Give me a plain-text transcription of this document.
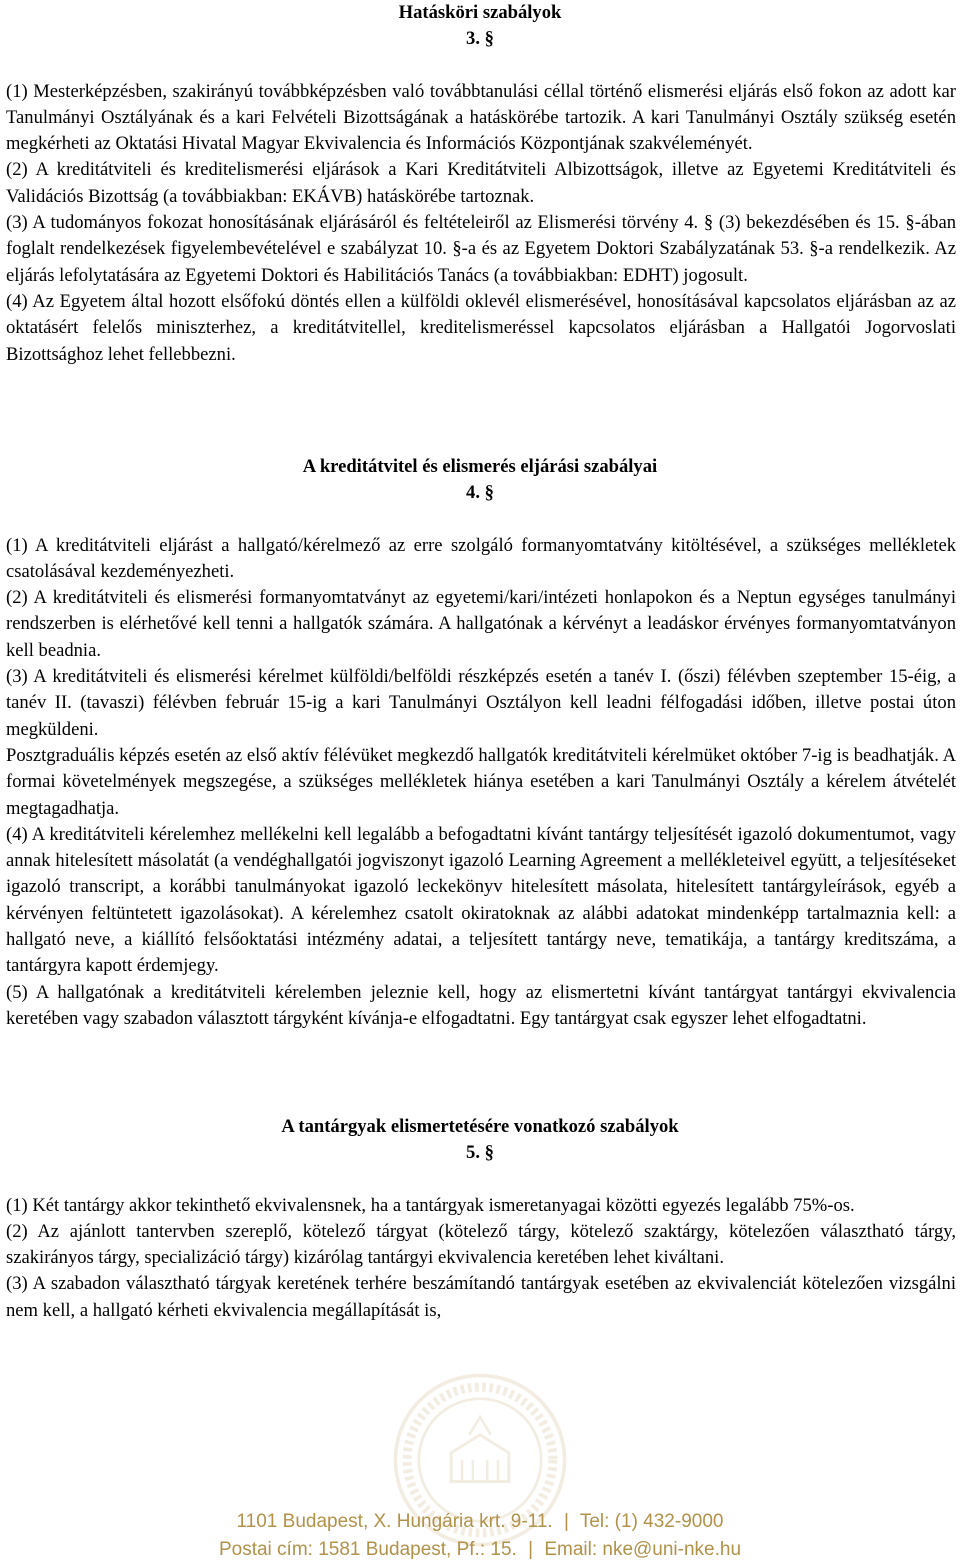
Hatásköri szabályok

3. §

(1) Mesterképzésben, szakirányú továbbképzésben való továbbtanulási céllal történő elismerési eljárás első fokon az adott kar Tanulmányi Osztályának és a kari Felvételi Bizottságának a hatáskörébe tartozik. A kari Tanulmányi Osztály szükség esetén megkérheti az Oktatási Hivatal Magyar Ekvivalencia és Információs Központjának szakvéleményét.

(2) A kreditátviteli és kreditelismerési eljárások a Kari Kreditátviteli Albizottságok, illetve az Egyetemi Kreditátviteli és Validációs Bizottság (a továbbiakban: EKÁVB) hatáskörébe tartoznak.

(3) A tudományos fokozat honosításának eljárásáról és feltételeiről az Elismerési törvény 4. § (3) bekezdésében és 15. §-ában foglalt rendelkezések figyelembevételével e szabályzat 10. §-a és az Egyetem Doktori Szabályzatának 53. §-a rendelkezik. Az eljárás lefolytatására az Egyetemi Doktori és Habilitációs Tanács (a továbbiakban: EDHT) jogosult.

(4) Az Egyetem által hozott elsőfokú döntés ellen a külföldi oklevél elismerésével, honosításával kapcsolatos eljárásban az az oktatásért felelős miniszterhez, a kreditátvitellel, kreditelismeréssel kapcsolatos eljárásban a Hallgatói Jogorvoslati Bizottsághoz lehet fellebbezni.

A kreditátvitel és elismerés eljárási szabályai

4. §

(1) A kreditátviteli eljárást a hallgató/kérelmező az erre szolgáló formanyomtatvány kitöltésével, a szükséges mellékletek csatolásával kezdeményezheti.

(2) A kreditátviteli és elismerési formanyomtatványt az egyetemi/kari/intézeti honlapokon és a Neptun egységes tanulmányi rendszerben is elérhetővé kell tenni a hallgatók számára. A hallgatónak a kérvényt a leadáskor érvényes formanyomtatványon kell beadnia.

(3) A kreditátviteli és elismerési kérelmet külföldi/belföldi részképzés esetén a tanév I. (őszi) félévben szeptember 15-éig, a tanév II. (tavaszi) félévben február 15-ig a kari Tanulmányi Osztályon kell leadni félfogadási időben, illetve postai úton megküldeni.

Posztgraduális képzés esetén az első aktív félévüket megkezdő hallgatók kreditátviteli kérelmüket október 7-ig is beadhatják. A formai követelmények megszegése, a szükséges mellékletek hiánya esetében a kari Tanulmányi Osztály a kérelem átvételét megtagadhatja.

(4) A kreditátviteli kérelemhez mellékelni kell legalább a befogadtatni kívánt tantárgy teljesítését igazoló dokumentumot, vagy annak hitelesített másolatát (a vendéghallgatói jogviszonyt igazoló Learning Agreement a mellékleteivel együtt, a teljesítéseket igazoló transcript, a korábbi tanulmányokat igazoló leckekönyv hitelesített másolata, hitelesített tantárgyleírások, egyéb a kérvényen feltüntetett igazolásokat). A kérelemhez csatolt okiratoknak az alábbi adatokat mindenképp tartalmaznia kell: a hallgató neve, a kiállító felsőoktatási intézmény adatai, a teljesített tantárgy neve, tematikája, a tantárgy kreditszáma, a tantárgyra kapott érdemjegy.

(5) A hallgatónak a kreditátviteli kérelemben jeleznie kell, hogy az elismertetni kívánt tantárgyat tantárgyi ekvivalencia keretében vagy szabadon választott tárgyként kívánja-e elfogadtatni. Egy tantárgyat csak egyszer lehet elfogadtatni.

A tantárgyak elismertetésére vonatkozó szabályok

5. §

(1) Két tantárgy akkor tekinthető ekvivalensnek, ha a tantárgyak ismeretanyagai közötti egyezés legalább 75%-os.

(2) Az ajánlott tantervben szereplő, kötelező tárgyat (kötelező tárgy, kötelező szaktárgy, kötelezően választható tárgy, szakirányos tárgy, specializáció tárgy) kizárólag tantárgyi ekvivalencia keretében lehet kiváltani.

(3) A szabadon választható tárgyak keretének terhére beszámítandó tantárgyak esetében az ekvivalenciát kötelezően vizsgálni nem kell, a hallgató kérheti ekvivalencia megállapítását is,

1101 Budapest, X. Hungária krt. 9-11. | Tel: (1) 432-9000
Postai cím: 1581 Budapest, Pf.: 15. | Email: nke@uni-nke.hu
